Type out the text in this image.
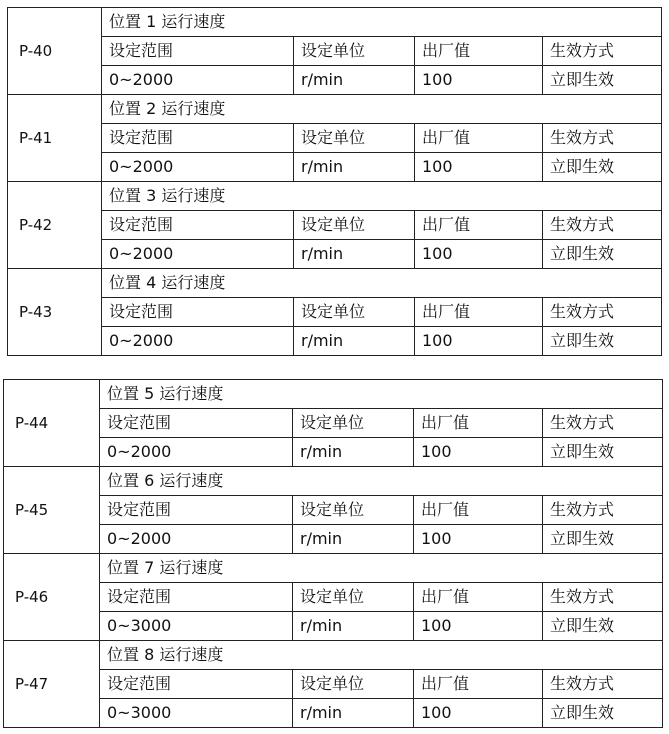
P-40	位置 1 运行速度			
	设定范围	设定单位	出厂值	生效方式
	0~2000	r/min	100	立即生效
P-41	位置 2 运行速度			
	设定范围	设定单位	出厂值	生效方式
	0~2000	r/min	100	立即生效
P-42	位置 3 运行速度			
	设定范围	设定单位	出厂值	生效方式
	0~2000	r/min	100	立即生效
P-43	位置 4 运行速度			
	设定范围	设定单位	出厂值	生效方式
	0~2000	r/min	100	立即生效
P-44	位置 5 运行速度			
	设定范围	设定单位	出厂值	生效方式
	0~2000	r/min	100	立即生效
P-45	位置 6 运行速度			
	设定范围	设定单位	出厂值	生效方式
	0~2000	r/min	100	立即生效
P-46	位置 7 运行速度			
	设定范围	设定单位	出厂值	生效方式
	0~3000	r/min	100	立即生效
P-47	位置 8 运行速度			
	设定范围	设定单位	出厂值	生效方式
	0~3000	r/min	100	立即生效
